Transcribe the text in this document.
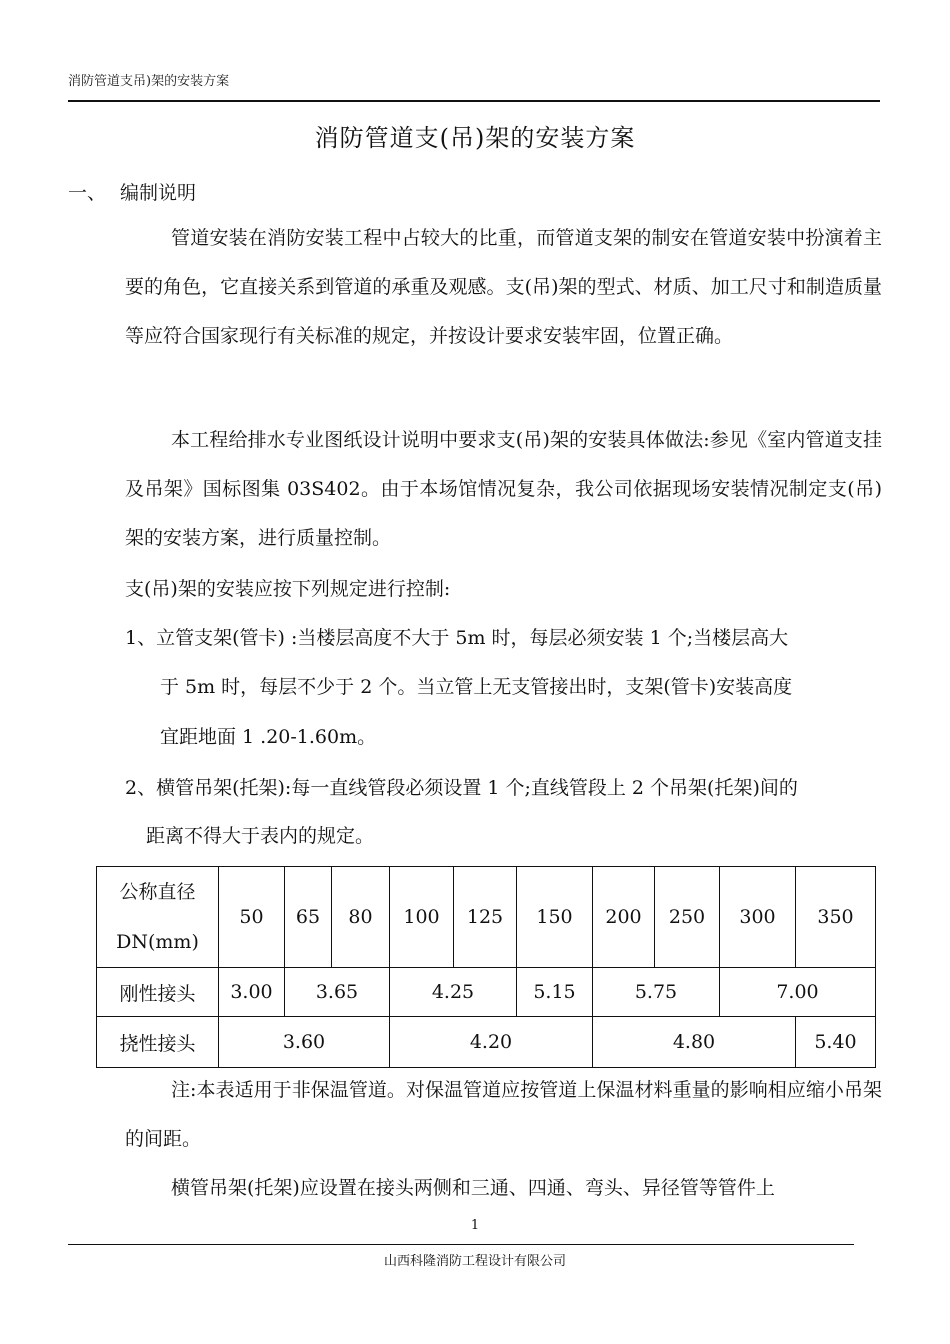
消防管道支吊)架的安装方案
消防管道支(吊)架的安装方案
一、 编制说明
管道安装在消防安装工程中占较大的比重，而管道支架的制安在管道安装中扮演着主要的角色，它直接关系到管道的承重及观感。支(吊)架的型式、材质、加工尺寸和制造质量等应符合国家现行有关标准的规定，并按设计要求安装牢固，位置正确。
本工程给排水专业图纸设计说明中要求支(吊)架的安装具体做法:参见《室内管道支挂及吊架》国标图集 03S402。由于本场馆情况复杂，我公司依据现场安装情况制定支(吊)架的安装方案，进行质量控制。
支(吊)架的安装应按下列规定进行控制:
1、立管支架(管卡) :当楼层高度不大于 5m 时，每层必须安装 1 个;当楼层高大
于 5m 时，每层不少于 2 个。当立管上无支管接出时，支架(管卡)安装高度
宜距地面 1 .20-1.60m。
2、横管吊架(托架):每一直线管段必须设置 1 个;直线管段上 2 个吊架(托架)间的
距离不得大于表内的规定。
公称直径
DN(mm)	50	65	80	100	125	150	200	250	300	350
刚性接头	3.00	3.65		4.25		5.15	5.75		7.00	
挠性接头	3.60			4.20			4.80			5.40
注:本表适用于非保温管道。对保温管道应按管道上保温材料重量的影响相应缩小吊架的间距。
横管吊架(托架)应设置在接头两侧和三通、四通、弯头、异径管等管件上
1
山西科隆消防工程设计有限公司
